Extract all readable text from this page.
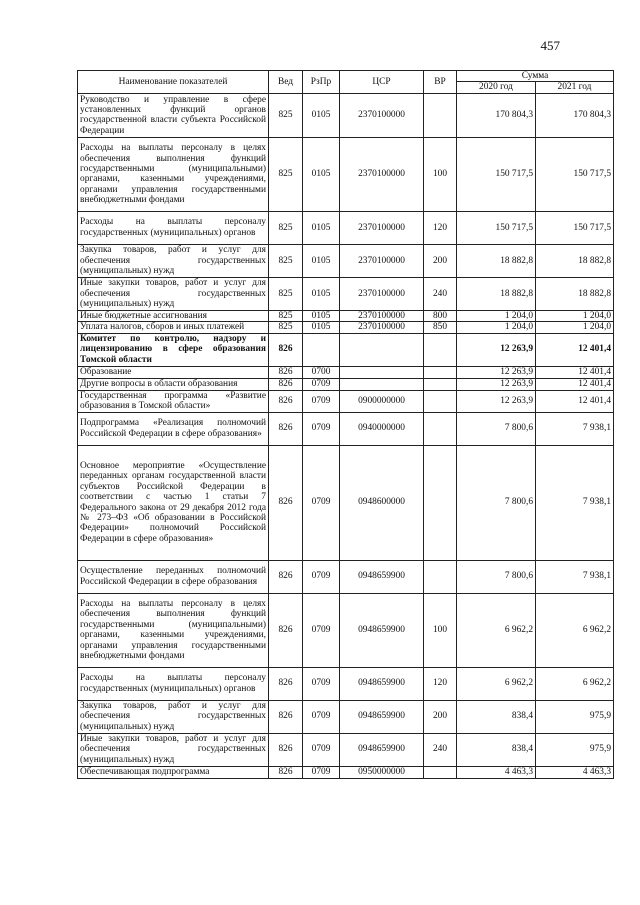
457
Наименование показателей	Вед	РзПр	ЦСР	ВР	Сумма	
					2020 год	2021 год
Руководство и управление в сфере установленных функций органов государственной власти субъекта Российской Федерации	825	0105	2370100000		170 804,3	170 804,3
Расходы на выплаты персоналу в целях обеспечения выполнения функций государственными (муниципальными) органами, казенными учреждениями, органами управления государственными внебюджетными фондами	825	0105	2370100000	100	150 717,5	150 717,5
Расходы на выплаты персоналу государственных (муниципальных) органов	825	0105	2370100000	120	150 717,5	150 717,5
Закупка товаров, работ и услуг для обеспечения государственных (муниципальных) нужд	825	0105	2370100000	200	18 882,8	18 882,8
Иные закупки товаров, работ и услуг для обеспечения государственных (муниципальных) нужд	825	0105	2370100000	240	18 882,8	18 882,8
Иные бюджетные ассигнования	825	0105	2370100000	800	1 204,0	1 204,0
Уплата налогов, сборов и иных платежей	825	0105	2370100000	850	1 204,0	1 204,0
Комитет по контролю, надзору и лицензированию в сфере образования Томской области	826				12 263,9	12 401,4
Образование	826	0700			12 263,9	12 401,4
Другие вопросы в области образования	826	0709			12 263,9	12 401,4
Государственная программа «Развитие образования в Томской области»	826	0709	0900000000		12 263,9	12 401,4
Подпрограмма «Реализация полномочий Российской Федерации в сфере образования»	826	0709	0940000000		7 800,6	7 938,1
Основное мероприятие «Осуществление переданных органам государственной власти субъектов Российской Федерации в соответствии с частью 1 статьи 7 Федерального закона от 29 декабря 2012 года № 273–ФЗ «Об образовании в Российской Федерации» полномочий Российской Федерации в сфере образования»	826	0709	0948600000		7 800,6	7 938,1
Осуществление переданных полномочий Российской Федерации в сфере образования	826	0709	0948659900		7 800,6	7 938,1
Расходы на выплаты персоналу в целях обеспечения выполнения функций государственными (муниципальными) органами, казенными учреждениями, органами управления государственными внебюджетными фондами	826	0709	0948659900	100	6 962,2	6 962,2
Расходы на выплаты персоналу государственных (муниципальных) органов	826	0709	0948659900	120	6 962,2	6 962,2
Закупка товаров, работ и услуг для обеспечения государственных (муниципальных) нужд	826	0709	0948659900	200	838,4	975,9
Иные закупки товаров, работ и услуг для обеспечения государственных (муниципальных) нужд	826	0709	0948659900	240	838,4	975,9
Обеспечивающая подпрограмма	826	0709	0950000000		4 463,3	4 463,3
